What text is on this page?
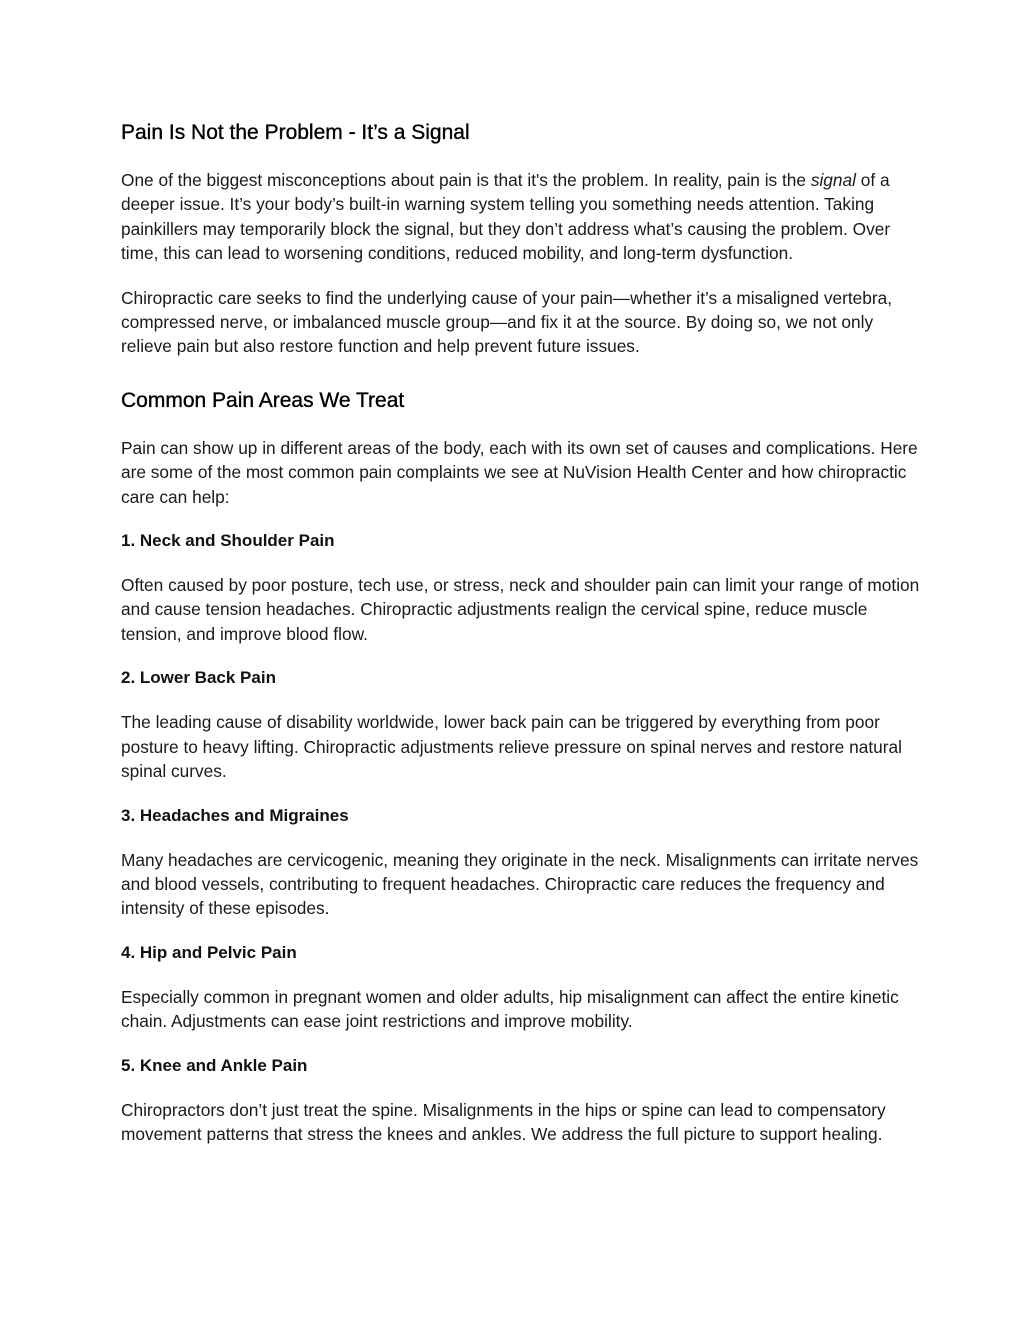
Pain Is Not the Problem - It’s a Signal

One of the biggest misconceptions about pain is that it's the problem. In reality, pain is the signal of a deeper issue. It’s your body’s built-in warning system telling you something needs attention. Taking painkillers may temporarily block the signal, but they don’t address what’s causing the problem. Over time, this can lead to worsening conditions, reduced mobility, and long-term dysfunction.

Chiropractic care seeks to find the underlying cause of your pain—whether it’s a misaligned vertebra, compressed nerve, or imbalanced muscle group—and fix it at the source. By doing so, we not only relieve pain but also restore function and help prevent future issues.

Common Pain Areas We Treat

Pain can show up in different areas of the body, each with its own set of causes and complications. Here are some of the most common pain complaints we see at NuVision Health Center and how chiropractic care can help:

1. Neck and Shoulder Pain

Often caused by poor posture, tech use, or stress, neck and shoulder pain can limit your range of motion and cause tension headaches. Chiropractic adjustments realign the cervical spine, reduce muscle tension, and improve blood flow.

2. Lower Back Pain

The leading cause of disability worldwide, lower back pain can be triggered by everything from poor posture to heavy lifting. Chiropractic adjustments relieve pressure on spinal nerves and restore natural spinal curves.

3. Headaches and Migraines

Many headaches are cervicogenic, meaning they originate in the neck. Misalignments can irritate nerves and blood vessels, contributing to frequent headaches. Chiropractic care reduces the frequency and intensity of these episodes.

4. Hip and Pelvic Pain

Especially common in pregnant women and older adults, hip misalignment can affect the entire kinetic chain. Adjustments can ease joint restrictions and improve mobility.

5. Knee and Ankle Pain

Chiropractors don’t just treat the spine. Misalignments in the hips or spine can lead to compensatory movement patterns that stress the knees and ankles. We address the full picture to support healing.
